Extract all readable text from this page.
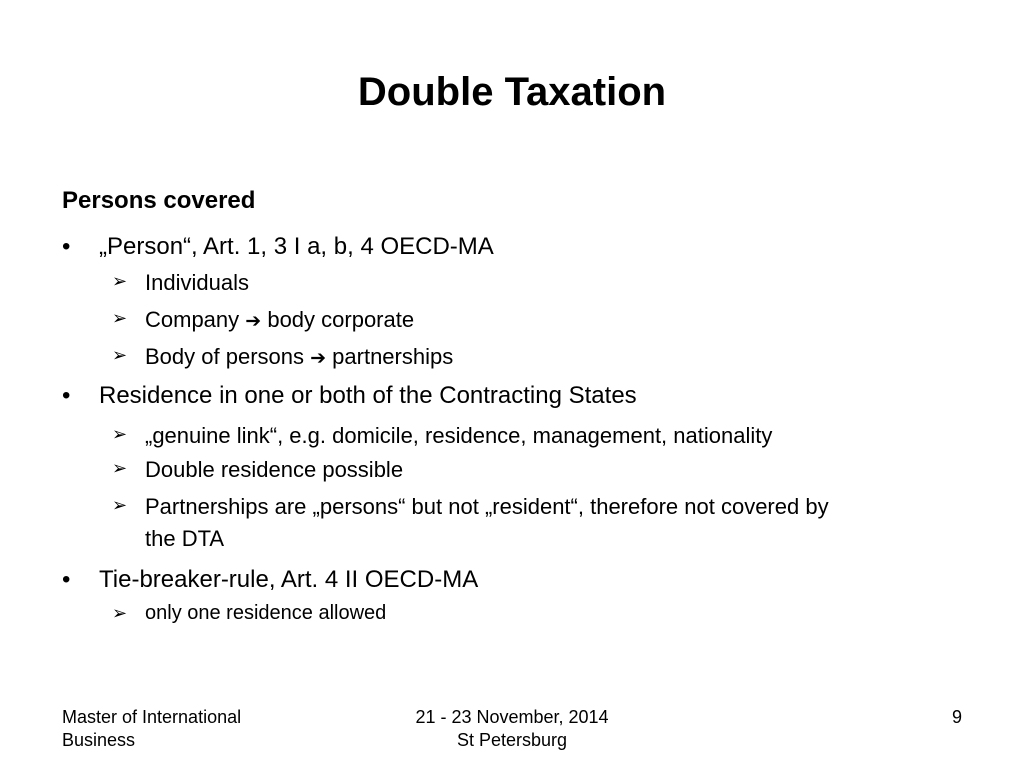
Double Taxation
Persons covered
• „Person“, Art. 1, 3 I a, b, 4 OECD-MA
➢ Individuals
➢ Company ➔ body corporate
➢ Body of persons ➔ partnerships
• Residence in one or both of the Contracting States
➢ „genuine link“, e.g. domicile, residence, management, nationality
➢ Double residence possible
➢ Partnerships are „persons“ but not „resident“, therefore not covered by
the DTA
• Tie-breaker-rule, Art. 4 II OECD-MA
➢ only one residence allowed
Master of International
Business
21 - 23 November, 2014
St Petersburg
9
